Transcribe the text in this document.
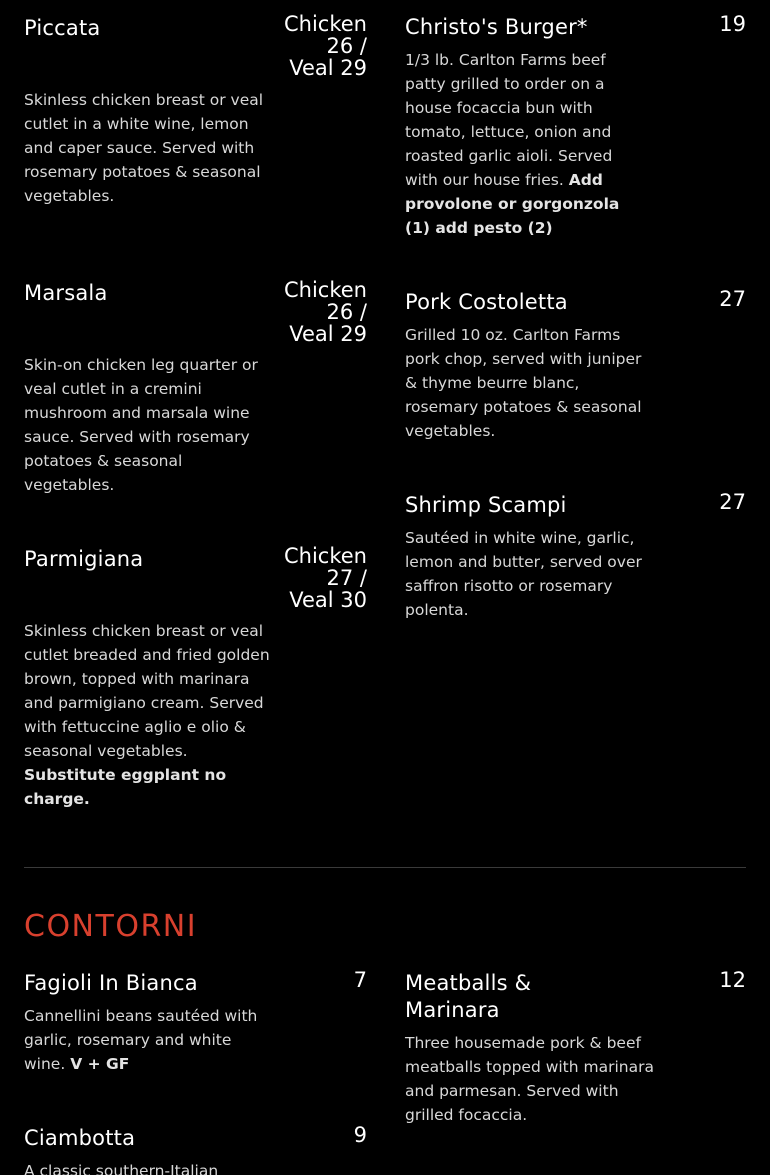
Piccata	Chicken 26 / Veal 29
Skinless chicken breast or veal cutlet in a white wine, lemon and caper sauce. Served with rosemary potatoes & seasonal vegetables.
Marsala	Chicken 26 / Veal 29
Skin-on chicken leg quarter or veal cutlet in a cremini mushroom and marsala wine sauce. Served with rosemary potatoes & seasonal vegetables.
Parmigiana	Chicken 27 / Veal 30
Skinless chicken breast or veal cutlet breaded and fried golden brown, topped with marinara and parmigiano cream. Served with fettuccine aglio e olio & seasonal vegetables. Substitute eggplant no charge.
Christo's Burger*	19
1/3 lb. Carlton Farms beef patty grilled to order on a house focaccia bun with tomato, lettuce, onion and roasted garlic aioli. Served with our house fries. Add provolone or gorgonzola (1) add pesto (2)
Pork Costoletta	27
Grilled 10 oz. Carlton Farms pork chop, served with juniper & thyme beurre blanc, rosemary potatoes & seasonal vegetables.
Shrimp Scampi	27
Sautéed in white wine, garlic, lemon and butter, served over saffron risotto or rosemary polenta.
CONTORNI
Fagioli In Bianca	7
Cannellini beans sautéed with garlic, rosemary and white wine. V + GF
Ciambotta	9
A classic southern-Italian
Meatballs & Marinara
12
Three housemade pork & beef meatballs topped with marinara and parmesan. Served with grilled focaccia.
